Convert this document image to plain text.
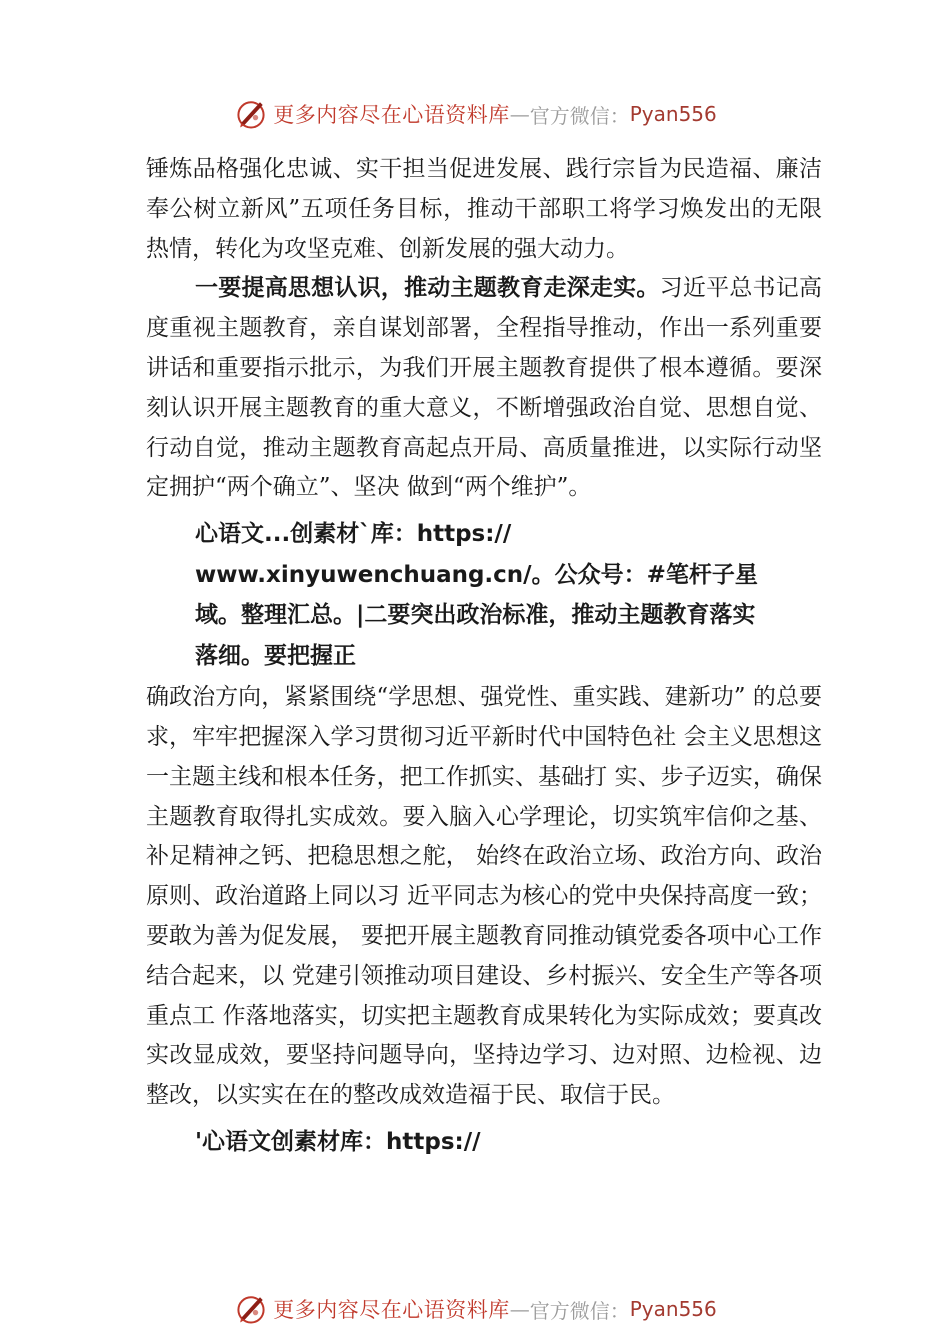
更多内容尽在心语资料库 — 官方微信： Pyan556

锤炼品格强化忠诚、实干担当促进发展、践行宗旨为民造福、廉洁奉公树立新风”五项任务目标，推动干部职工将学习焕发出的无限热情，转化为攻坚克难、创新发展的强大动力。

一要提高思想认识，推动主题教育走深走实。习近平总书记高度重视主题教育，亲自谋划部署，全程指导推动，作出一系列重要讲话和重要指示批示，为我们开展主题教育提供了根本遵循。要深刻认识开展主题教育的重大意义，不断增强政治自觉、思想自觉、行动自觉，推动主题教育高起点开局、高质量推进，以实际行动坚定拥护“两个确立”、坚决 做到“两个维护”。

心语文...创素材`库：https://
www.xinyuwenchuang.cn/。公众号：#笔杆子星
域。整理汇总。|二要突出政治标准，推动主题教育落实
落细。要把握正

确政治方向，紧紧围绕“学思想、强党性、重实践、建新功” 的总要求，牢牢把握深入学习贯彻习近平新时代中国特色社 会主义思想这一主题主线和根本任务，把工作抓实、基础打 实、步子迈实，确保主题教育取得扎实成效。要入脑入心学理论，切实筑牢信仰之基、补足精神之钙、把稳思想之舵， 始终在政治立场、政治方向、政治原则、政治道路上同以习 近平同志为核心的党中央保持高度一致；要敢为善为促发展， 要把开展主题教育同推动镇党委各项中心工作结合起来，以 党建引领推动项目建设、乡村振兴、安全生产等各项重点工 作落地落实，切实把主题教育成果转化为实际成效；要真改 实改显成效，要坚持问题导向，坚持边学习、边对照、边检视、边整改，以实实在在的整改成效造福于民、取信于民。

'心语文创素材库：https://
更多内容尽在心语资料库 — 官方微信： Pyan556
